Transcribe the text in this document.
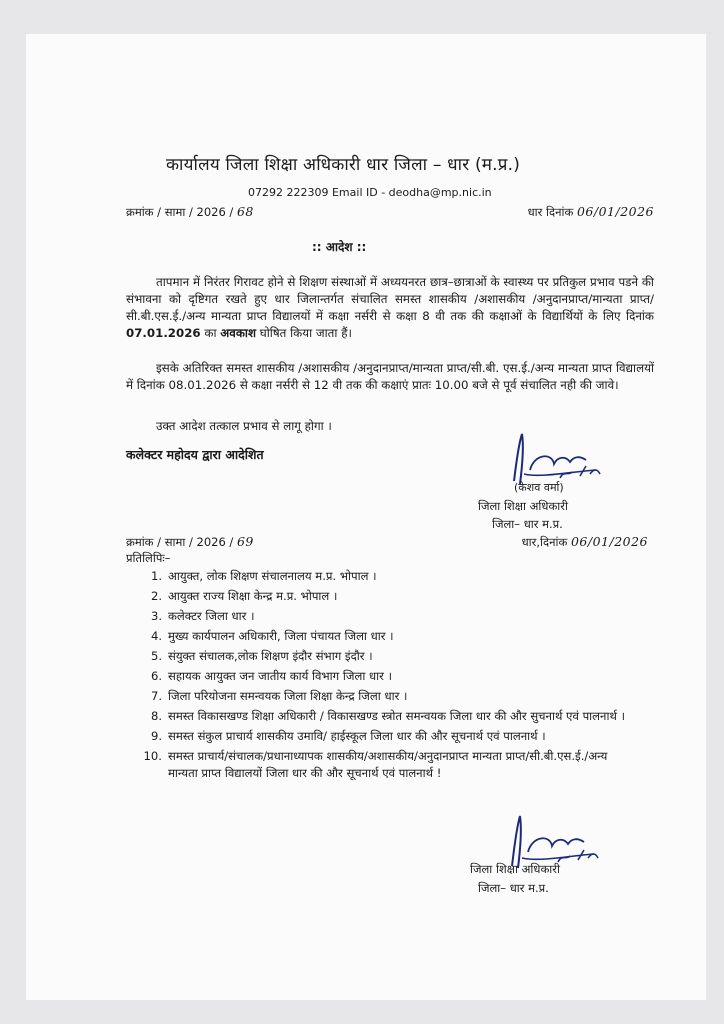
कार्यालय जिला शिक्षा अधिकारी धार जिला – धार (म.प्र.)
07292 222309 Email ID - deodha@mp.nic.in
क्रमांक / सामा / 2026 / 68	धार दिनांक 06/01/2026
:: आदेश ::
तापमान में निरंतर गिरावट होने से शिक्षण संस्थाओं में अध्ययनरत छात्र–छात्राओं के स्वास्थ्य पर प्रतिकुल प्रभाव पडने की संभावना को दृष्टिगत रखते हुए धार जिलान्तर्गत संचालित समस्त शासकीय /अशासकीय /अनुदानप्राप्त/मान्यता प्राप्त/सी.बी.एस.ई./अन्य मान्यता प्राप्त विद्यालयों में कक्षा नर्सरी से कक्षा 8 वी तक की कक्षाओं के विद्यार्थियों के लिए दिनांक 07.01.2026 का अवकाश घोषित किया जाता हैं।
इसके अतिरिक्त समस्त शासकीय /अशासकीय /अनुदानप्राप्त/मान्यता प्राप्त/सी.बी. एस.ई./अन्य मान्यता प्राप्त विद्यालयों में दिनांक 08.01.2026 से कक्षा नर्सरी से 12 वी तक की कक्षाएं प्रातः 10.00 बजे से पूर्व संचालित नही की जावे।
उक्त आदेश तत्काल प्रभाव से लागू होगा ।
कलेक्टर महोदय द्वारा आदेशित
(केशव वर्मा)
जिला शिक्षा अधिकारी
जिला– धार म.प्र.
क्रमांक / सामा / 2026 / 69	धार,दिनांक 06/01/2026
प्रतिलिपिः–
1. आयुक्त, लोक शिक्षण संचालनालय म.प्र. भोपाल ।
2. आयुक्त राज्य शिक्षा केन्द्र म.प्र. भोपाल ।
3. कलेक्टर जिला धार ।
4. मुख्य कार्यपालन अधिकारी, जिला पंचायत जिला धार ।
5. संयुक्त संचालक,लोक शिक्षण इंदौर संभाग इंदौर ।
6. सहायक आयुक्त जन जातीय कार्य विभाग जिला धार ।
7. जिला परियोजना समन्वयक जिला शिक्षा केन्द्र जिला धार ।
8. समस्त विकासखण्ड शिक्षा अधिकारी / विकासखण्ड स्त्रोत समन्वयक जिला धार की और सुचनार्थ एवं पालनार्थ ।
9. समस्त संकुल प्राचार्य शासकीय उमावि/ हाईस्कूल जिला धार की और सूचनार्थ एवं पालनार्थ ।
10. समस्त प्राचार्य/संचालक/प्रधानाध्यापक शासकीय/अशासकीय/अनुदानप्राप्त मान्यता प्राप्त/सी.बी.एस.ई./अन्य मान्यता प्राप्त विद्यालयों जिला धार की और सूचनार्थ एवं पालनार्थ !
जिला शिक्षा अधिकारी
जिला– धार म.प्र.
